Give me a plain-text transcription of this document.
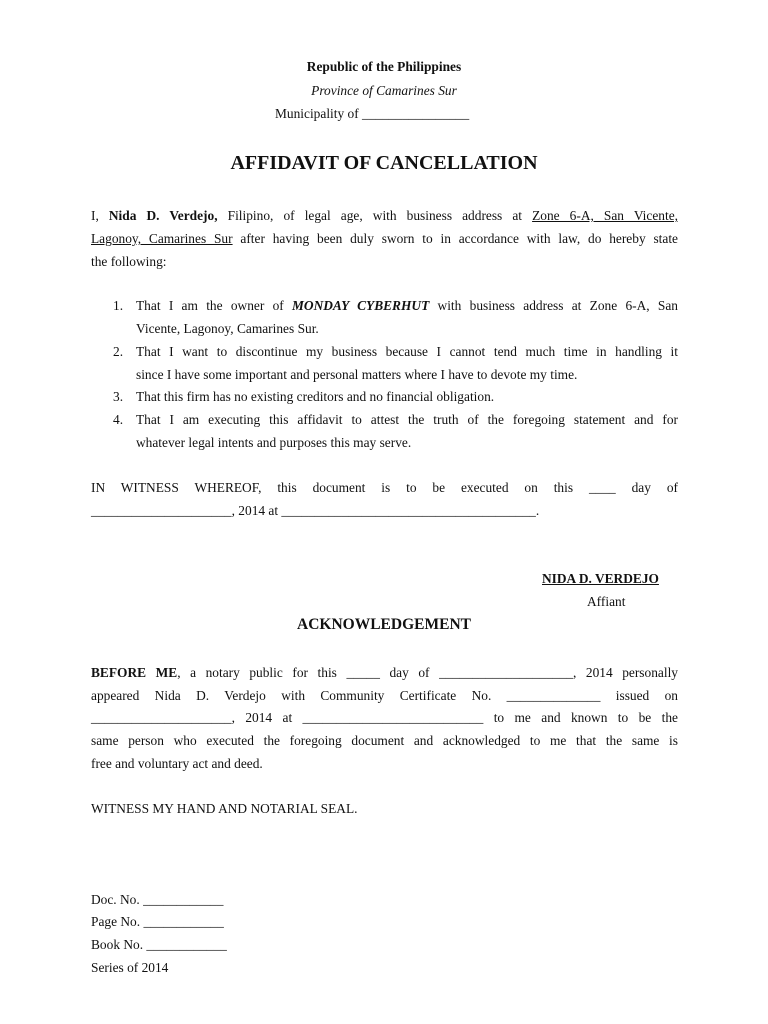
Republic of the Philippines
Province of Camarines Sur
Municipality of ________________
AFFIDAVIT OF CANCELLATION
I, Nida D. Verdejo, Filipino, of legal age, with business address at Zone 6-A, San Vicente,
Lagonoy, Camarines Sur after having been duly sworn to in accordance with law, do hereby state
the following:
1. That I am the owner of MONDAY CYBERHUT with business address at Zone 6-A, San
Vicente, Lagonoy, Camarines Sur.
2. That I want to discontinue my business because I cannot tend much time in handling it
since I have some important and personal matters where I have to devote my time.
3. That this firm has no existing creditors and no financial obligation.
4. That I am executing this affidavit to attest the truth of the foregoing statement and for
whatever legal intents and purposes this may serve.
IN WITNESS WHEREOF, this document is to be executed on this ____ day of
_____________________, 2014 at ______________________________________.
NIDA D. VERDEJO
Affiant
ACKNOWLEDGEMENT
BEFORE ME, a notary public for this _____ day of ____________________, 2014 personally
appeared Nida D. Verdejo with Community Certificate No. ______________ issued on
_____________________, 2014 at ___________________________ to me and known to be the
same person who executed the foregoing document and acknowledged to me that the same is
free and voluntary act and deed.
WITNESS MY HAND AND NOTARIAL SEAL.
Doc. No. ____________
Page No. ____________
Book No. ____________
Series of 2014
